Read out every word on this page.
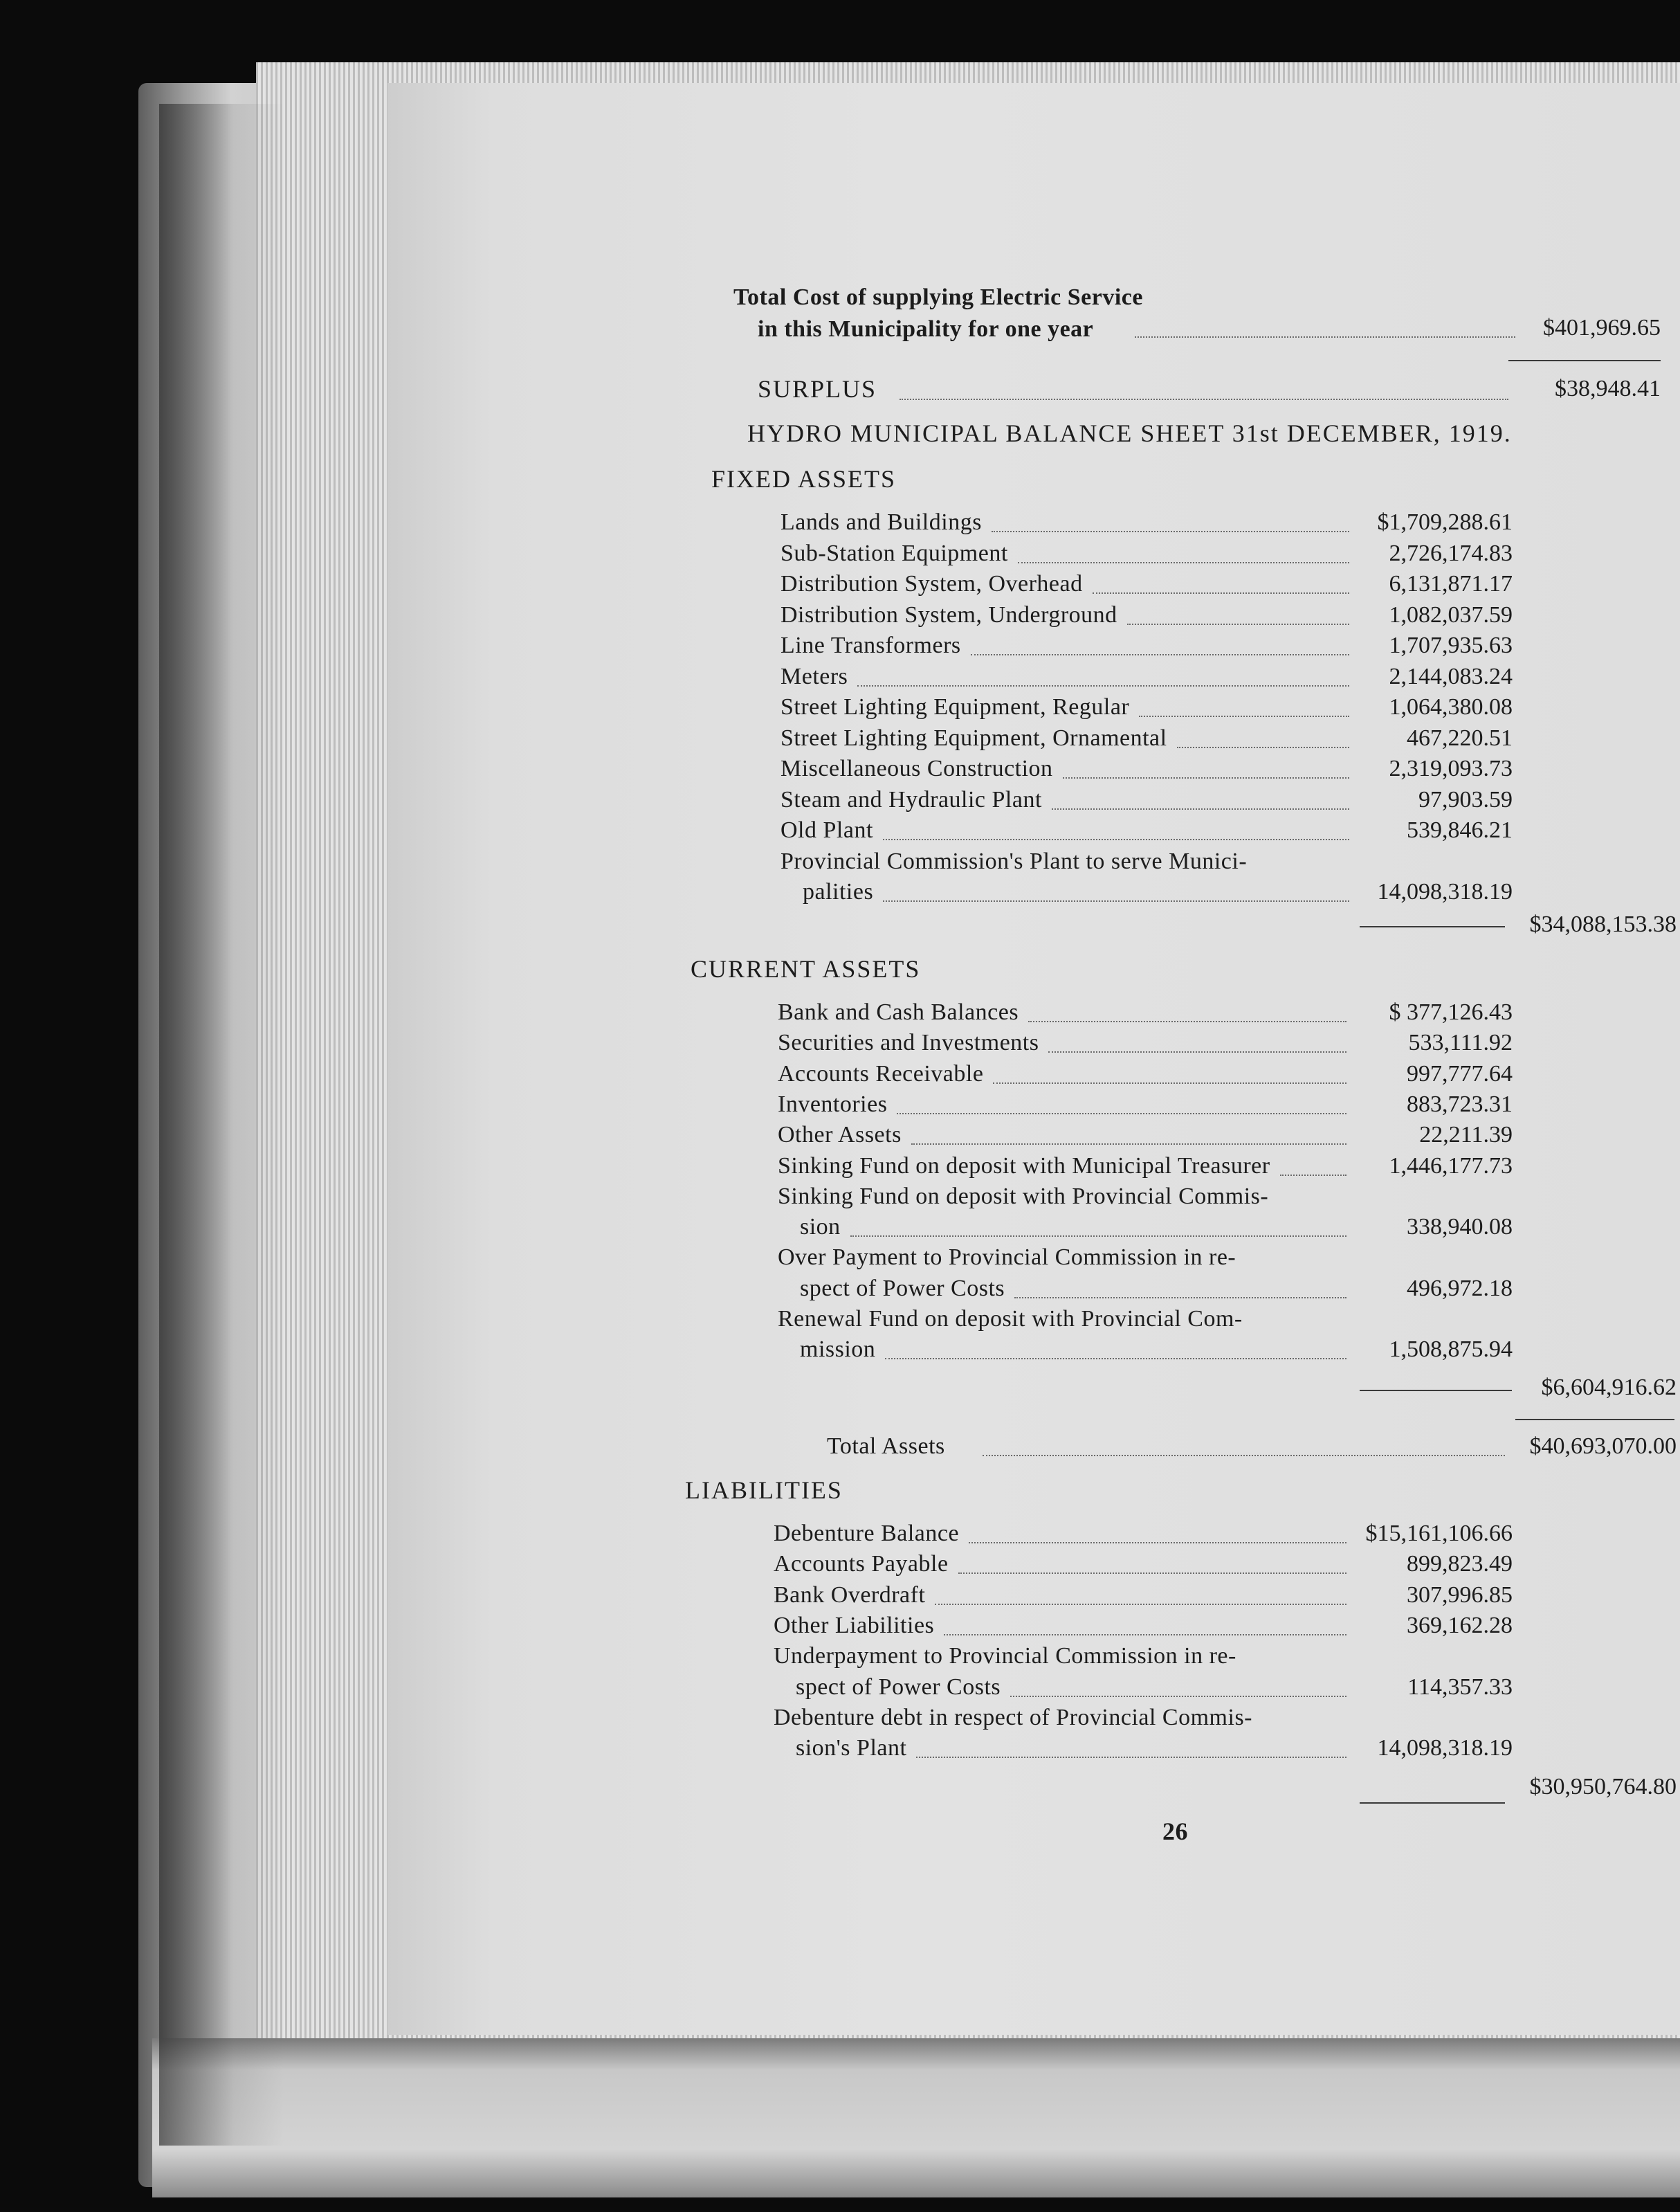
Total Cost of supplying Electric Service
in this Municipality for one year	$401,969.65
SURPLUS	$38,948.41
HYDRO MUNICIPAL BALANCE SHEET 31st DECEMBER, 1919.
FIXED ASSETS
Lands and Buildings	$1,709,288.61
Sub-Station Equipment	2,726,174.83
Distribution System, Overhead	6,131,871.17
Distribution System, Underground	1,082,037.59
Line Transformers	1,707,935.63
Meters	2,144,083.24
Street Lighting Equipment, Regular	1,064,380.08
Street Lighting Equipment, Ornamental	467,220.51
Miscellaneous Construction	2,319,093.73
Steam and Hydraulic Plant	97,903.59
Old Plant	539,846.21
Provincial Commission's Plant to serve Munici-
palities	14,098,318.19
$34,088,153.38
CURRENT ASSETS
Bank and Cash Balances	$ 377,126.43
Securities and Investments	533,111.92
Accounts Receivable	997,777.64
Inventories	883,723.31
Other Assets	22,211.39
Sinking Fund on deposit with Municipal Treasurer	1,446,177.73
Sinking Fund on deposit with Provincial Commis-
sion	338,940.08
Over Payment to Provincial Commission in re-
spect of Power Costs	496,972.18
Renewal Fund on deposit with Provincial Com-
mission	1,508,875.94
$6,604,916.62
Total Assets	$40,693,070.00
LIABILITIES
Debenture Balance	$15,161,106.66
Accounts Payable	899,823.49
Bank Overdraft	307,996.85
Other Liabilities	369,162.28
Underpayment to Provincial Commission in re-
spect of Power Costs	114,357.33
Debenture debt in respect of Provincial Commis-
sion's Plant	14,098,318.19
$30,950,764.80
26
